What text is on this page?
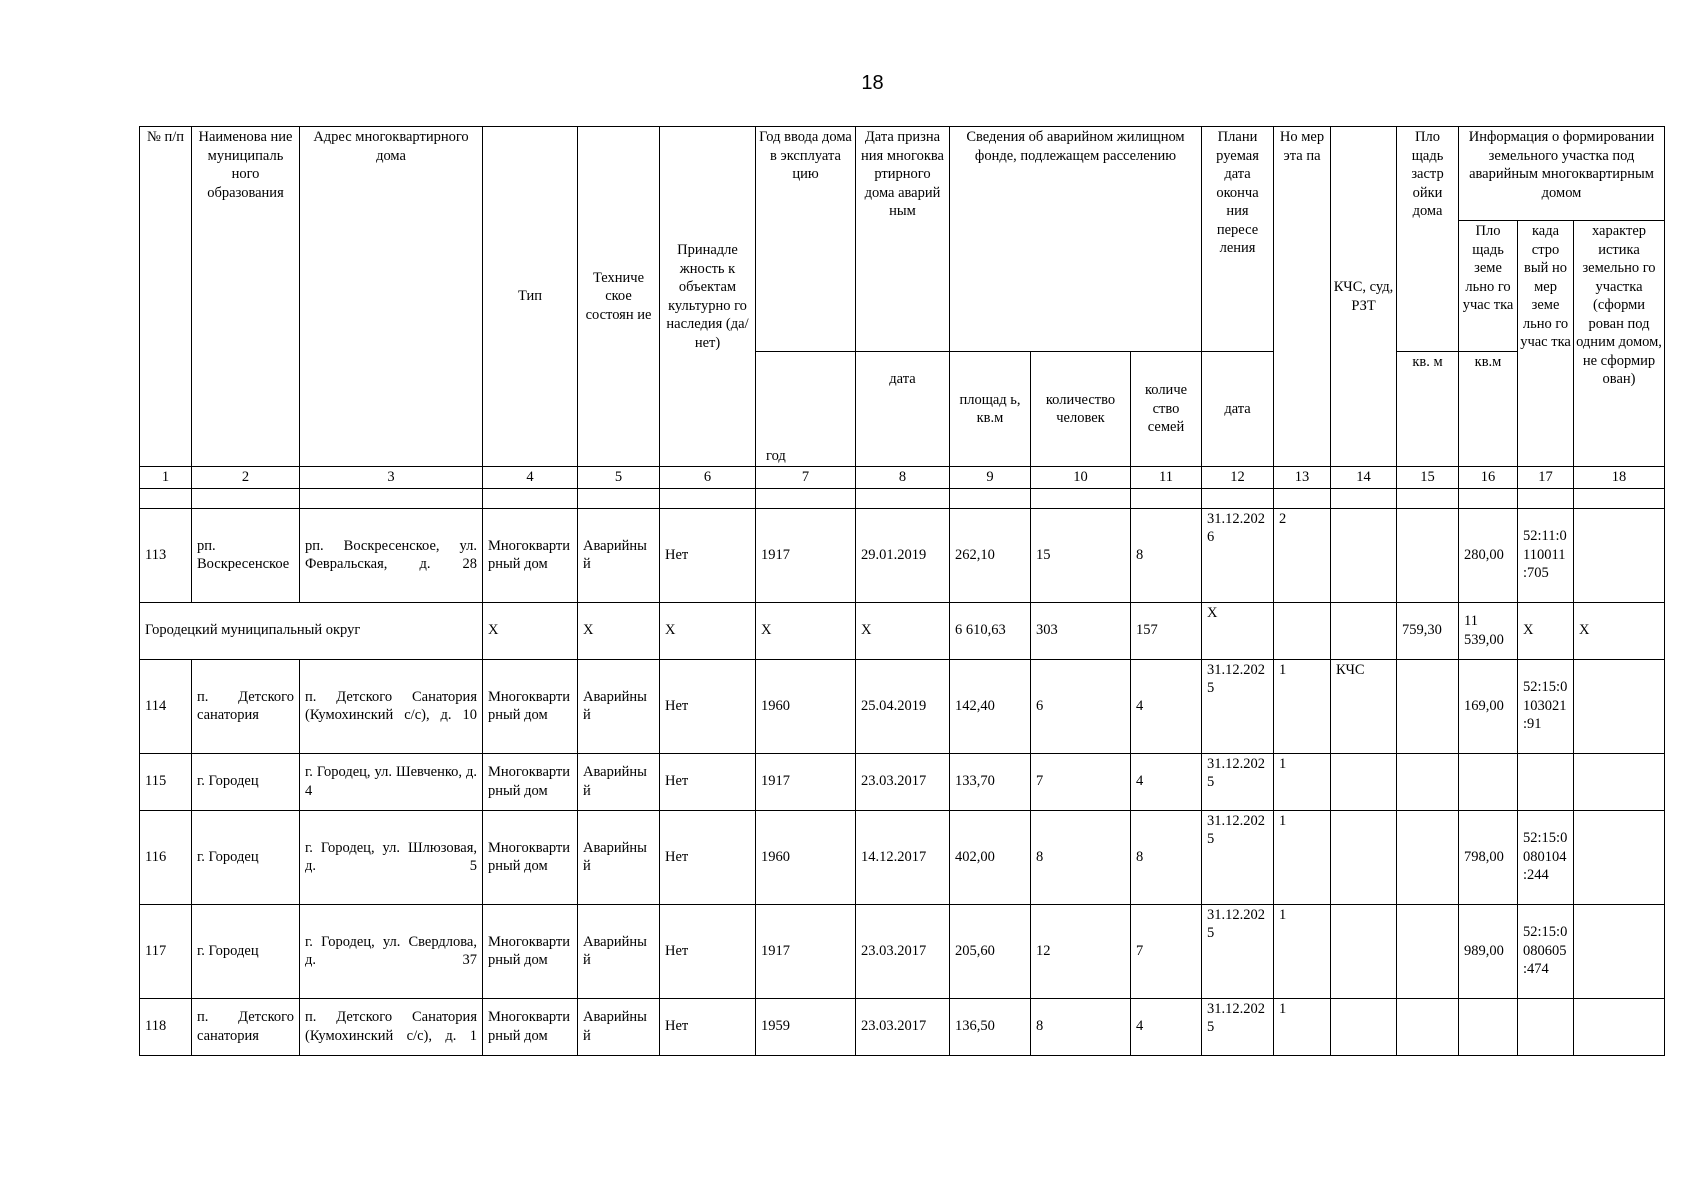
18
№ п/п	Наименова ние муниципаль ного образования	Адрес многоквартирного дома	Тип	Техниче ское состоян ие	Принадле жность к объектам культурно го наследия (да/нет)	Год ввода дома в эксплуата цию	Дата призна ния многоква ртирного дома аварий ным	Сведения об аварийном жилищном фонде, подлежащем расселению			Плани руемая дата оконча ния пересе ления	Но мер эта па	КЧС, суд, РЗТ	Пло щадь застр ойки дома	Информация о формировании земельного участка под аварийным многоквартирным домом		
															Пло щадь земе льно го учас тка	када стро вый но мер земе льно го учас тка	характер истика земельно го участка (сформи рован под одним домом, не сформир ован)
						год	дата	площад ь, кв.м	количество человек	количе ство семей	дата			кв. м	кв.м		
1	2	3	4	5	6	7	8	9	10	11	12	13	14	15	16	17	18

113	рп. Воскресенское	рп. Воскресенское, ул. Февральская, д. 28	Многоквартирный дом	Аварийный	Нет	1917	29.01.2019	262,10	15	8	31.12.2026	2			280,00	52:11:0110011:705	
Городецкий муниципальный округ			X	X	X	X	X	6 610,63	303	157	X			759,30	11 539,00	X	X
114	п. Детского санатория	п. Детского Санатория (Кумохинский с/с), д. 10	Многоквартирный дом	Аварийный	Нет	1960	25.04.2019	142,40	6	4	31.12.2025	1	КЧС		169,00	52:15:0103021:91	
115	г. Городец	г. Городец, ул. Шевченко, д. 4	Многоквартирный дом	Аварийный	Нет	1917	23.03.2017	133,70	7	4	31.12.2025	1					
116	г. Городец	г. Городец, ул. Шлюзовая, д. 5	Многоквартирный дом	Аварийный	Нет	1960	14.12.2017	402,00	8	8	31.12.2025	1			798,00	52:15:0080104:244	
117	г. Городец	г. Городец, ул. Свердлова, д. 37	Многоквартирный дом	Аварийный	Нет	1917	23.03.2017	205,60	12	7	31.12.2025	1			989,00	52:15:0080605:474	
118	п. Детского санатория	п. Детского Санатория (Кумохинский с/с), д. 1	Многоквартирный дом	Аварийный	Нет	1959	23.03.2017	136,50	8	4	31.12.2025	1					
